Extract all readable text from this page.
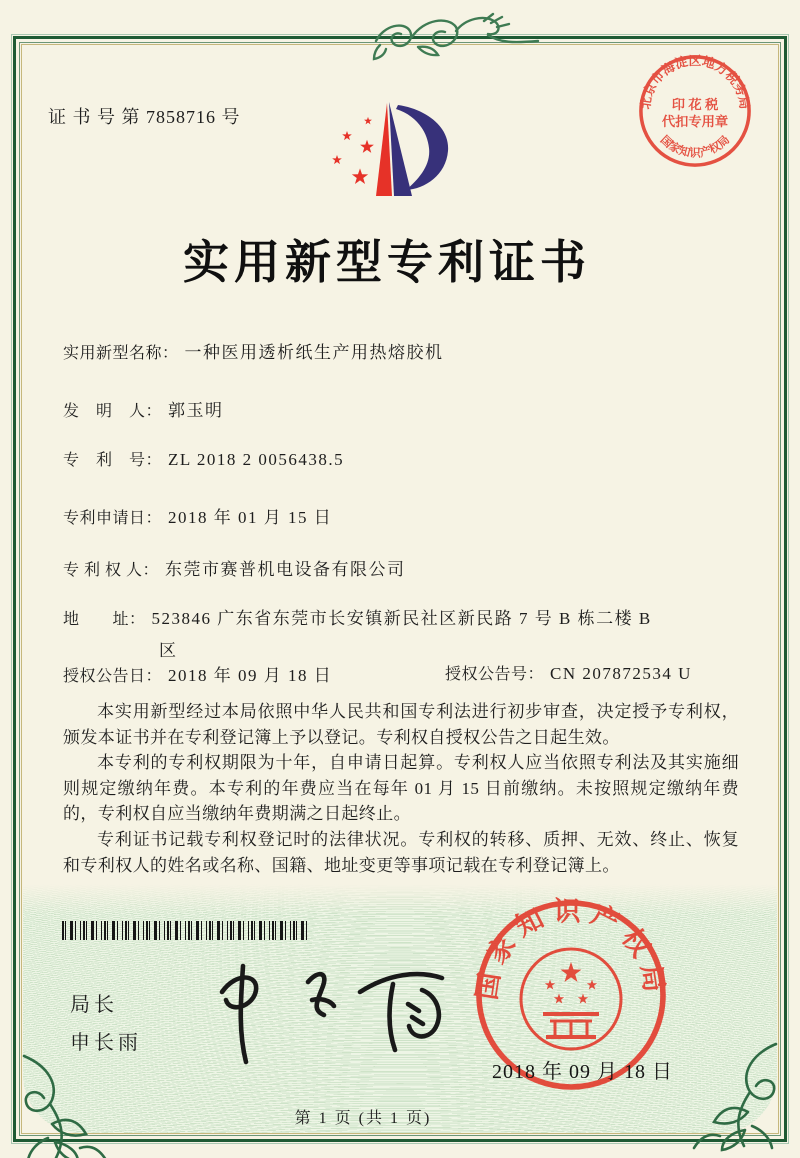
证 书 号 第 7858716 号
北京市海淀区地方税务局
印 花 税
代扣专用章
国家知识产权局
实用新型专利证书
实用新型名称： 一种医用透析纸生产用热熔胶机
发　明　人： 郭玉明
专　利　号： ZL 2018 2 0056438.5
专利申请日： 2018 年 01 月 15 日
专 利 权 人： 东莞市赛普机电设备有限公司
地　　址： 523846 广东省东莞市长安镇新民社区新民路 7 号 B 栋二楼 B
区
授权公告日： 2018 年 09 月 18 日	授权公告号： CN 207872534 U

本实用新型经过本局依照中华人民共和国专利法进行初步审查，决定授予专利权，颁发本证书并在专利登记簿上予以登记。专利权自授权公告之日起生效。

本专利的专利权期限为十年，自申请日起算。专利权人应当依照专利法及其实施细则规定缴纳年费。本专利的年费应当在每年 01 月 15 日前缴纳。未按照规定缴纳年费的，专利权自应当缴纳年费期满之日起终止。

专利证书记载专利权登记时的法律状况。专利权的转移、质押、无效、终止、恢复和专利权人的姓名或名称、国籍、地址变更等事项记载在专利登记簿上。

局长
申长雨
国家知识产权局
2018 年 09 月 18 日
第 1 页 (共 1 页)
